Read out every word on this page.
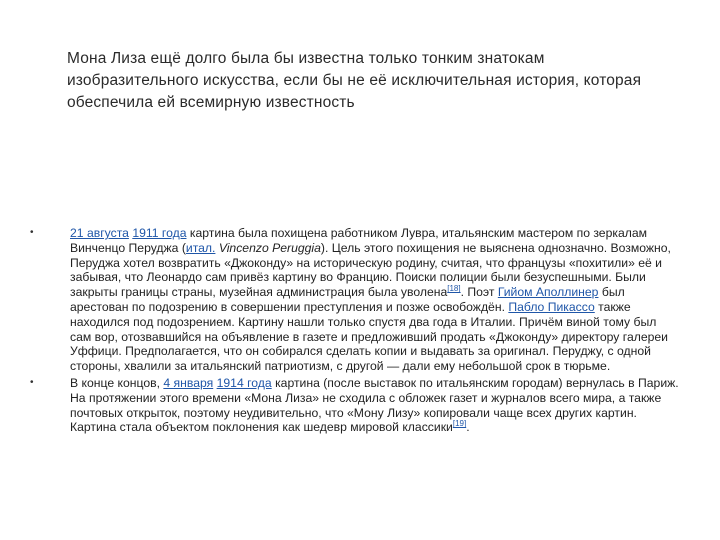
Мона Лиза ещё долго была бы известна только тонким знатокам изобразительного искусства, если бы не её исключительная история, которая обеспечила ей всемирную известность
•	21 августа 1911 года картина была похищена работником Лувра, итальянским мастером по зеркалам Винченцо Перуджа (итал. Vincenzo Peruggia). Цель этого похищения не выяснена однозначно. Возможно, Перуджа хотел возвратить «Джоконду» на историческую родину, считая, что французы «похитили» её и забывая, что Леонардо сам привёз картину во Францию. Поиски полиции были безуспешными. Были закрыты границы страны, музейная администрация была уволена[18]. Поэт Гийом Аполлинер был арестован по подозрению в совершении преступления и позже освобождён. Пабло Пикассо также находился под подозрением. Картину нашли только спустя два года в Италии. Причём виной тому был сам вор, отозвавшийся на объявление в газете и предложивший продать «Джоконду» директору галереи Уффици. Предполагается, что он собирался сделать копии и выдавать за оригинал. Перуджу, с одной стороны, хвалили за итальянский патриотизм, с другой — дали ему небольшой срок в тюрьме.
•	В конце концов, 4 января 1914 года картина (после выставок по итальянским городам) вернулась в Париж. На протяжении этого времени «Мона Лиза» не сходила с обложек газет и журналов всего мира, а также почтовых открыток, поэтому неудивительно, что «Мону Лизу» копировали чаще всех других картин. Картина стала объектом поклонения как шедевр мировой классики[19].
